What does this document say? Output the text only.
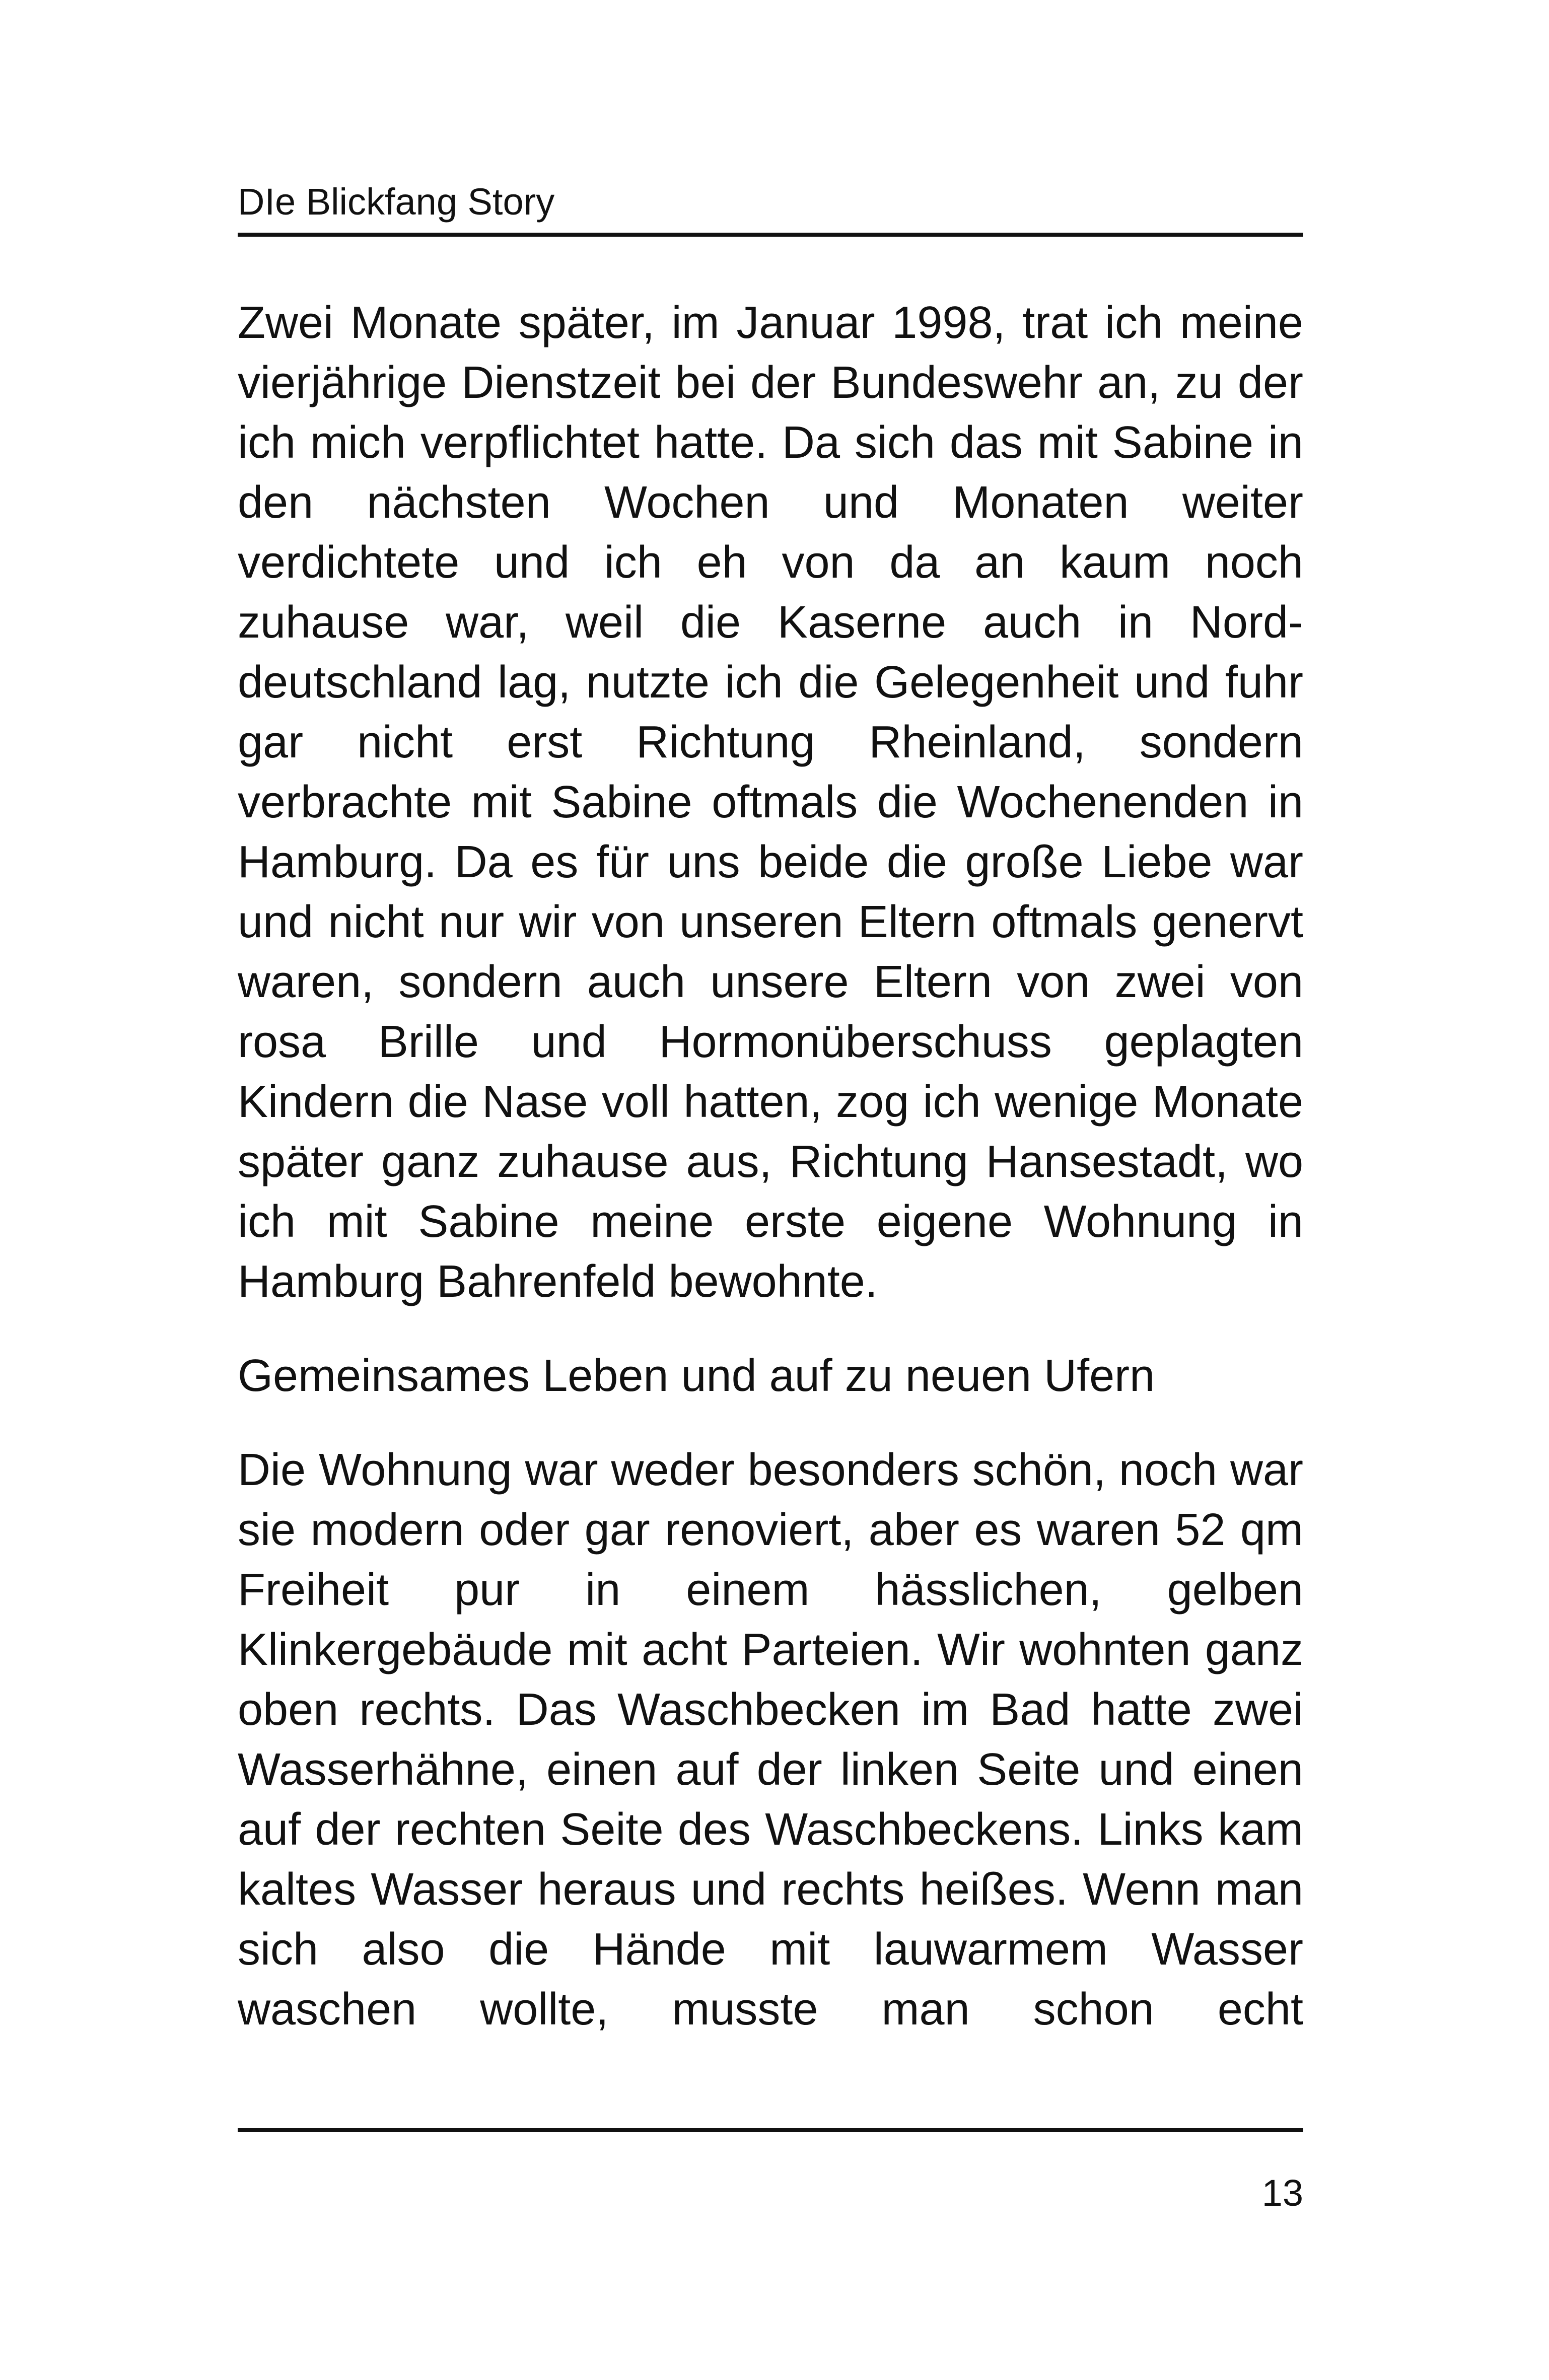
DIe Blickfang Story

Zwei Monate später, im Januar 1998, trat ich meine vierjährige Dienstzeit bei der Bundeswehr an, zu der ich mich verpflichtet hatte. Da sich das mit Sabine in den nächsten Wochen und Monaten weiter verdichtete und ich eh von da an kaum noch zuhause war, weil die Kaserne auch in Norddeutschland lag, nutzte ich die Gelegenheit und fuhr gar nicht erst Richtung Rheinland, sondern verbrachte mit Sabine oftmals die Wochenenden in Hamburg. Da es für uns beide die große Liebe war und nicht nur wir von unseren Eltern oftmals genervt waren, sondern auch unsere Eltern von zwei von rosa Brille und Hormonüberschuss geplagten Kindern die Nase voll hatten, zog ich wenige Monate später ganz zuhause aus, Richtung Hansestadt, wo ich mit Sabine meine erste eigene Wohnung in Hamburg Bahrenfeld bewohnte.

Gemeinsames Leben und auf zu neuen Ufern

Die Wohnung war weder besonders schön, noch war sie modern oder gar renoviert, aber es waren 52 qm Freiheit pur in einem hässlichen, gelben Klinkergebäude mit acht Parteien. Wir wohnten ganz oben rechts. Das Waschbecken im Bad hatte zwei Wasserhähne, einen auf der linken Seite und einen auf der rechten Seite des Waschbeckens. Links kam kaltes Wasser heraus und rechts heißes. Wenn man sich also die Hände mit lauwarmem Wasser waschen wollte, musste man schon echt

13
